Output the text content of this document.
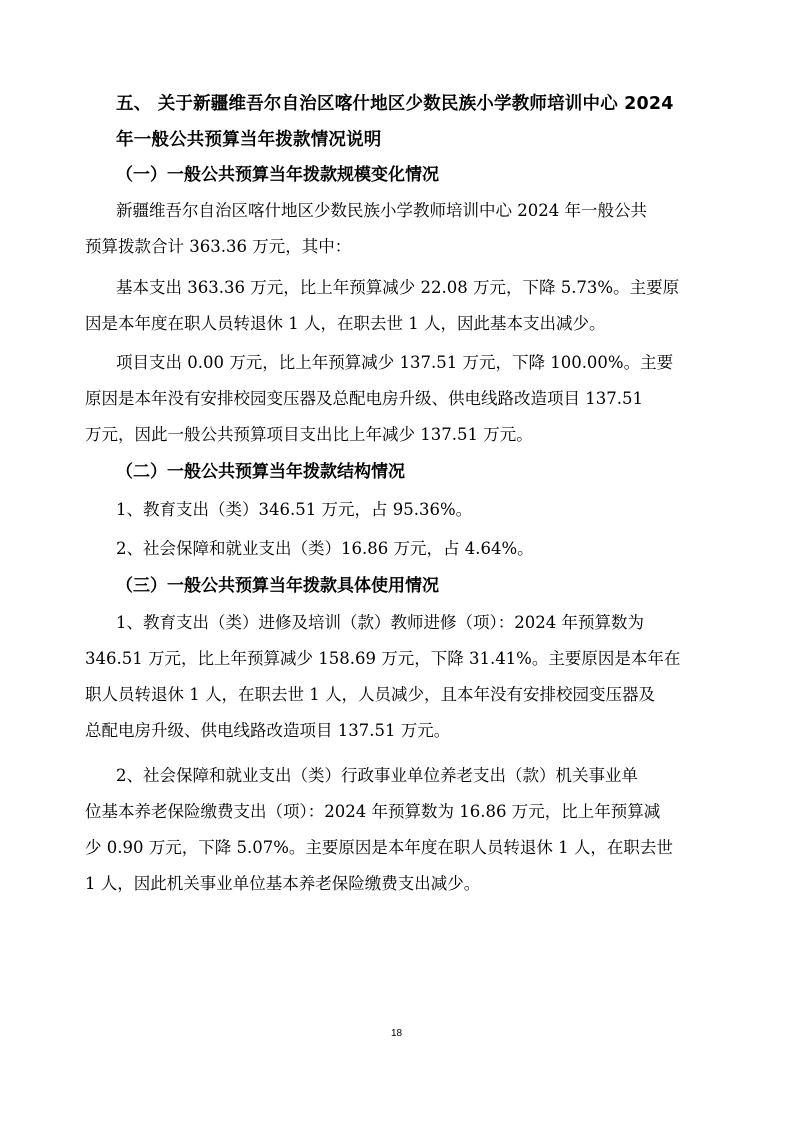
五、 关于新疆维吾尔自治区喀什地区少数民族小学教师培训中心 2024
年一般公共预算当年拨款情况说明
（一）一般公共预算当年拨款规模变化情况
新疆维吾尔自治区喀什地区少数民族小学教师培训中心 2024 年一般公共
预算拨款合计 363.36 万元，其中：
基本支出 363.36 万元，比上年预算减少 22.08 万元，下降 5.73%。主要原
因是本年度在职人员转退休 1 人，在职去世 1 人，因此基本支出减少。
项目支出 0.00 万元，比上年预算减少 137.51 万元，下降 100.00%。主要
原因是本年没有安排校园变压器及总配电房升级、供电线路改造项目 137.51
万元，因此一般公共预算项目支出比上年减少 137.51 万元。
（二）一般公共预算当年拨款结构情况
1、教育支出（类）346.51 万元，占 95.36%。
2、社会保障和就业支出（类）16.86 万元，占 4.64%。
（三）一般公共预算当年拨款具体使用情况
1、教育支出（类）进修及培训（款）教师进修（项）：2024 年预算数为
346.51 万元，比上年预算减少 158.69 万元，下降 31.41%。主要原因是本年在
职人员转退休 1 人，在职去世 1 人，人员减少，且本年没有安排校园变压器及
总配电房升级、供电线路改造项目 137.51 万元。
2、社会保障和就业支出（类）行政事业单位养老支出（款）机关事业单
位基本养老保险缴费支出（项）：2024 年预算数为 16.86 万元，比上年预算减
少 0.90 万元，下降 5.07%。主要原因是本年度在职人员转退休 1 人，在职去世
1 人，因此机关事业单位基本养老保险缴费支出减少。
18
